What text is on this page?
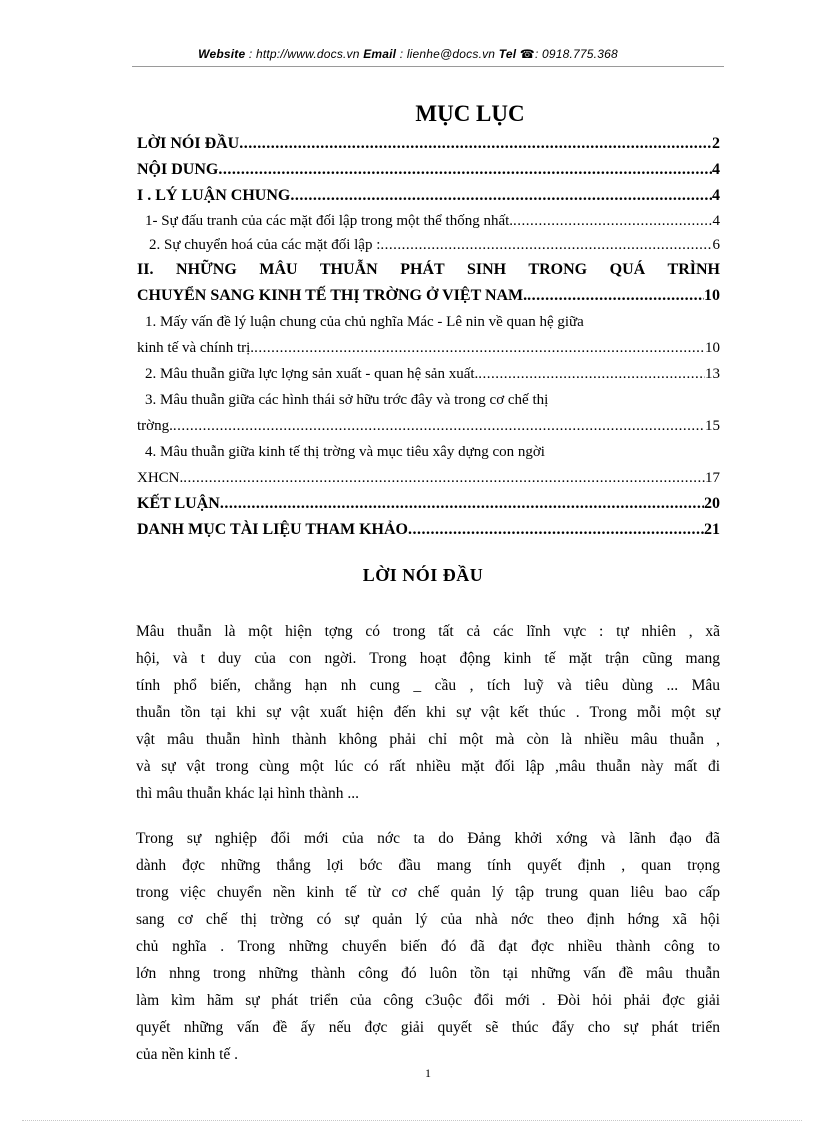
Website : http://www.docs.vn Email : lienhe@docs.vn Tel ☎: 0918.775.368
MỤC LỤC
LỜI NÓI ĐẦU .....	2
NỘI DUNG .....	4
I . LÝ LUẬN CHUNG .....	4
1- Sự đấu tranh của các mặt đối lập trong một thể thống nhất. .....	4
2. Sự chuyển hoá của các mặt đối lập : .....	6
II. NHỮNG MÂU THUẪN PHÁT SINH TRONG QUÁ TRÌNH
CHUYỂN SANG KINH TẾ THỊ TRỜNG Ở VIỆT NAM. .....	10
1. Mấy vấn đề lý luận chung của chủ nghĩa Mác - Lê nin về quan hệ giữa
kinh tế và chính trị. .....	10
2. Mâu thuẫn giữa lực lợng sản xuất - quan hệ sản xuất. .....	13
3. Mâu thuẫn giữa các hình thái sở hữu trớc đây và trong cơ chế thị
trờng. .....	15
4. Mâu thuẫn giữa kinh tế thị trờng và mục tiêu xây dựng con ngời
XHCN. .....	17
KẾT LUẬN .....	20
DANH MỤC TÀI LIỆU THAM KHẢO .....	21
LỜI NÓI ĐẦU
Mâu thuẫn là một hiện tợng có trong tất cả các lĩnh vực : tự nhiên , xã
hội, và t duy của con ngời. Trong hoạt động kinh tế mặt trận cũng mang
tính phổ biến, chẳng hạn nh cung _ cầu , tích luỹ và tiêu dùng ... Mâu
thuẫn tồn tại khi sự vật xuất hiện đến khi sự vật kết thúc . Trong mỗi một sự
vật mâu thuẫn hình thành không phải chỉ một mà còn là nhiều mâu thuẫn ,
và sự vật trong cùng một lúc có rất nhiều mặt đối lập ,mâu thuẫn này mất đi
thì mâu thuẫn khác lại hình thành ...
Trong sự nghiệp đổi mới của nớc ta do Đảng khởi xớng và lãnh đạo đã
dành đợc những thắng lợi bớc đầu mang tính quyết định , quan trọng
trong việc chuyển nền kinh tế từ cơ chế quản lý tập trung quan liêu bao cấp
sang cơ chế thị trờng có sự quản lý của nhà nớc theo định hớng xã hội
chủ nghĩa . Trong những chuyển biến đó đã đạt đợc nhiều thành công to
lớn nhng trong những thành công đó luôn tồn tại những vấn đề mâu thuẫn
làm kìm hãm sự phát triển của công c3uộc đổi mới . Đòi hỏi phải đợc giải
quyết những vấn đề ấy nếu đợc giải quyết sẽ thúc đẩy cho sự phát triển
của nền kinh tế .
1
